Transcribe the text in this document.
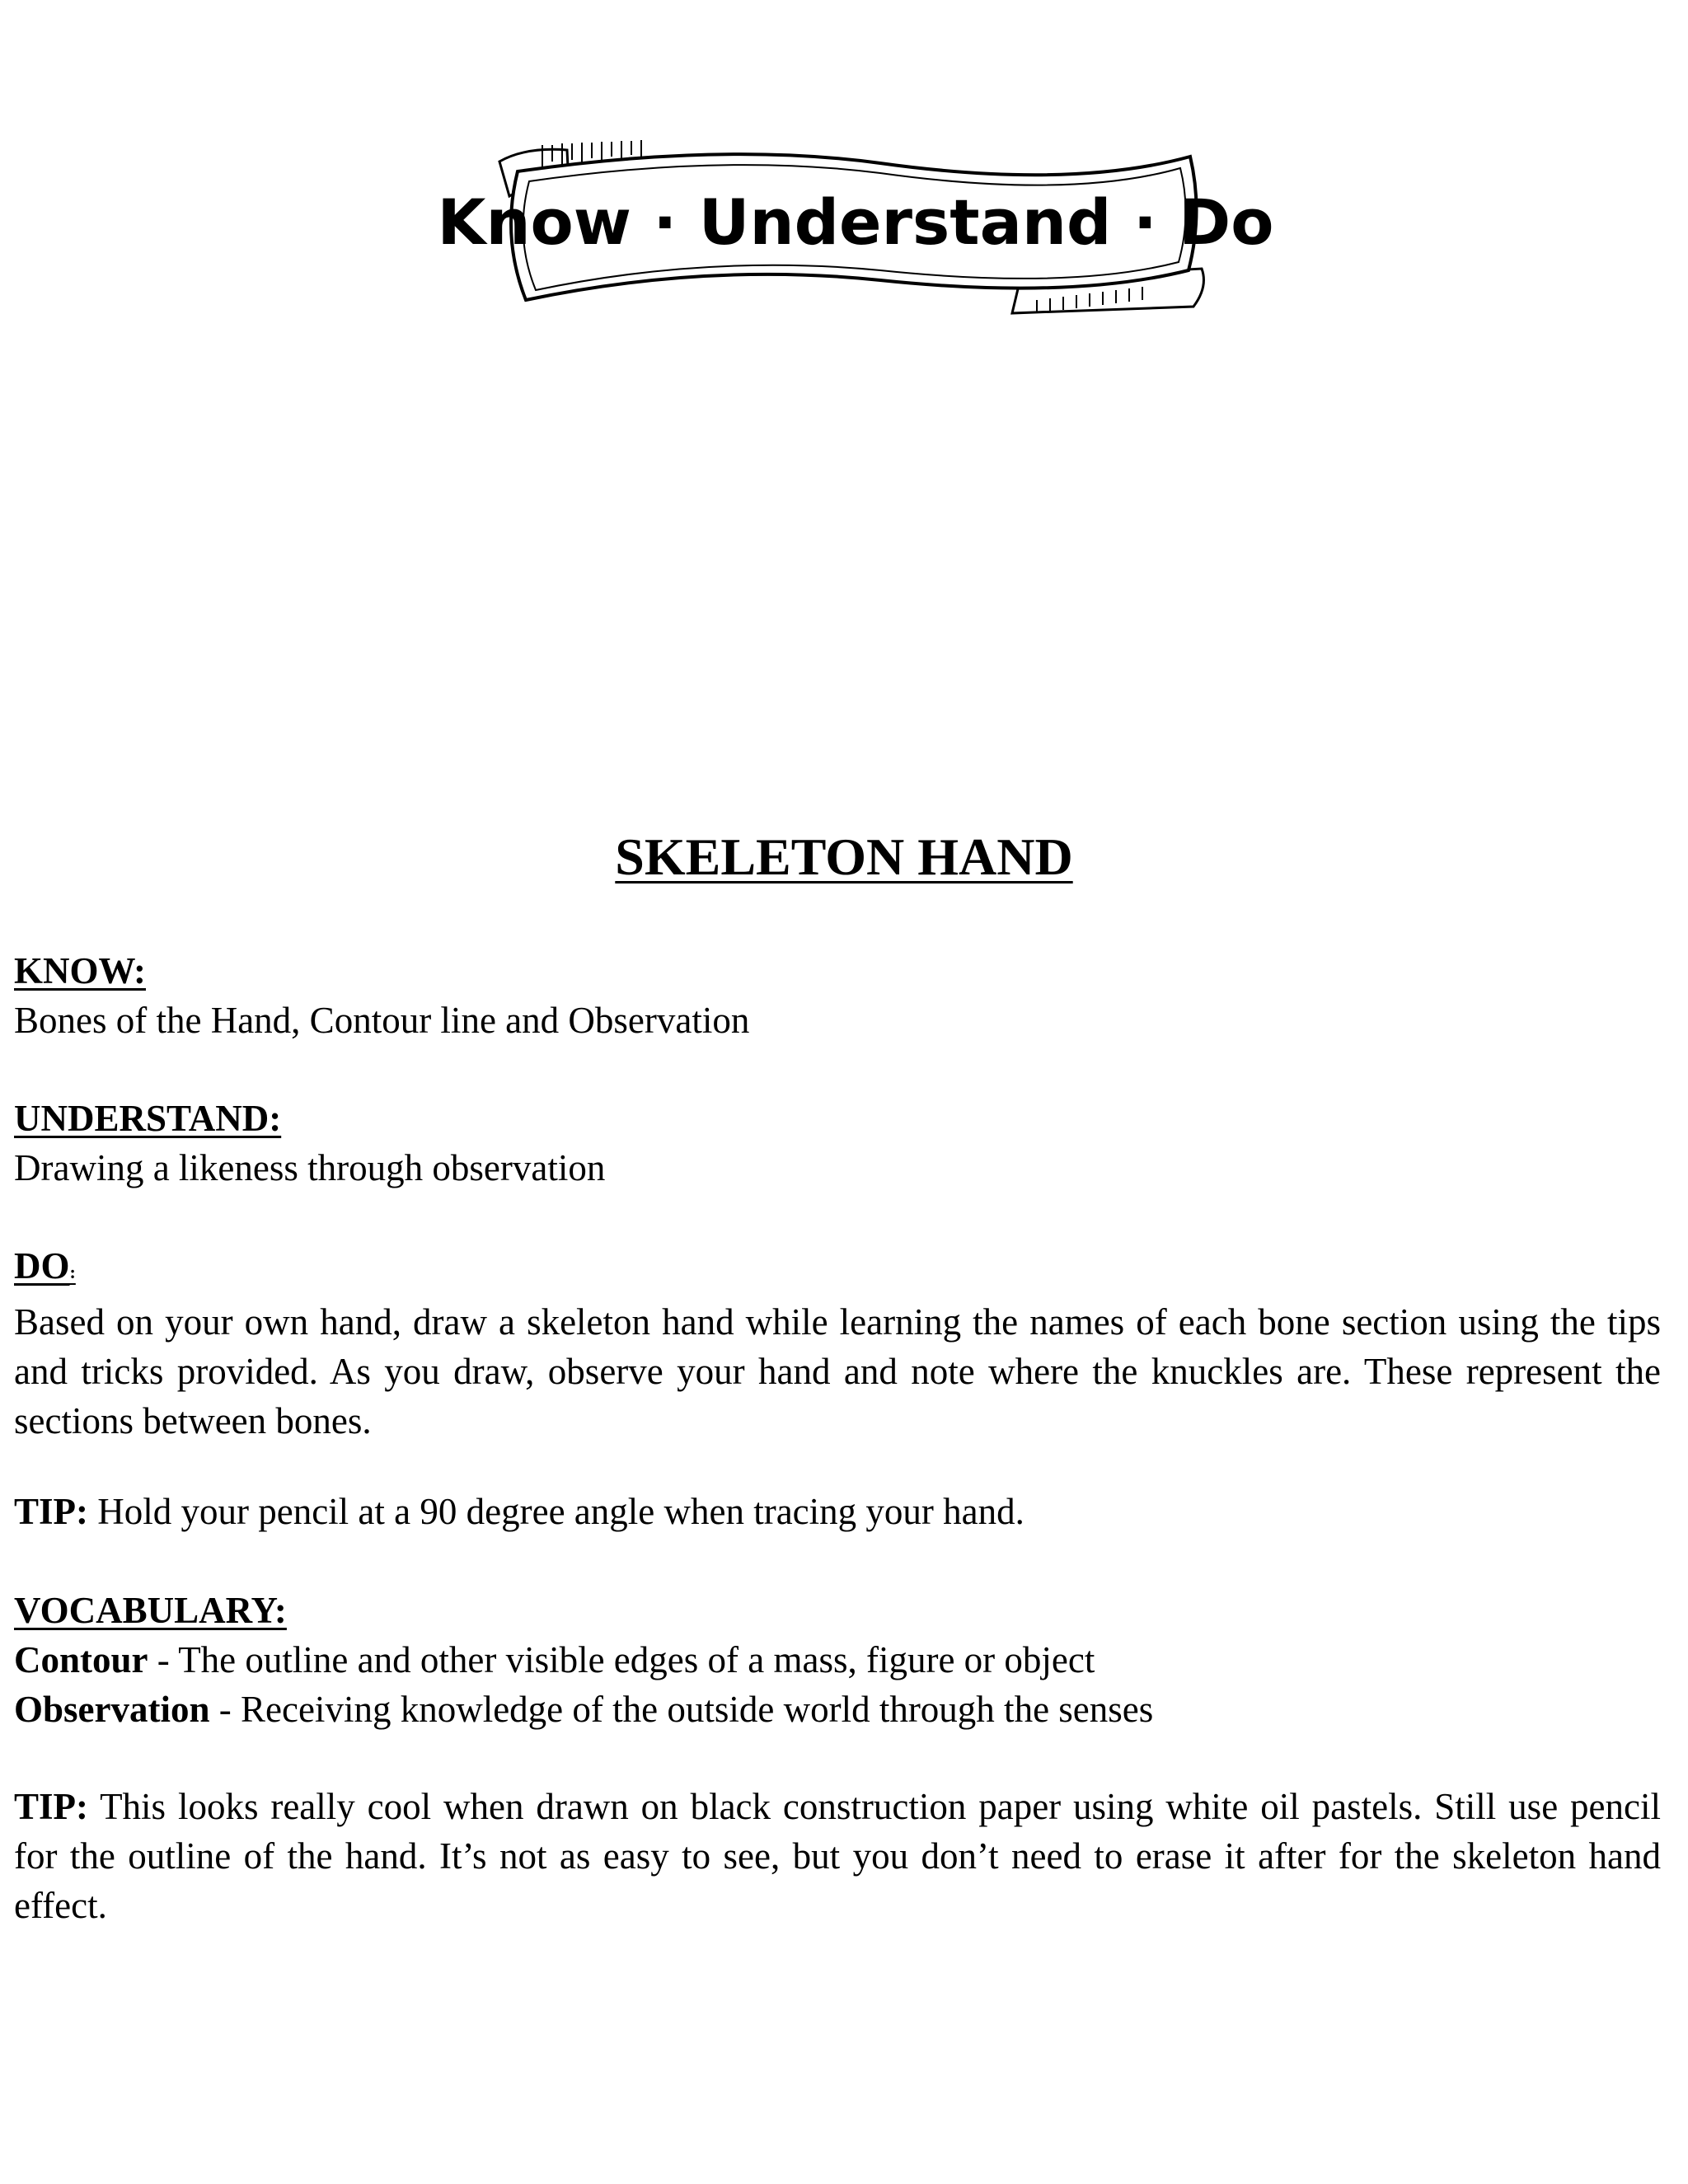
Know · Understand · Do
SKELETON HAND
KNOW:
Bones of the Hand, Contour line and Observation
UNDERSTAND:
Drawing a likeness through observation
DO:
Based on your own hand, draw a skeleton hand while learning the names of each bone section using the tips and tricks provided. As you draw, observe your hand and note where the knuckles are. These represent the sections between bones.
TIP: Hold your pencil at a 90 degree angle when tracing your hand.
VOCABULARY:
Contour - The outline and other visible edges of a mass, figure or object
Observation - Receiving knowledge of the outside world through the senses
TIP: This looks really cool when drawn on black construction paper using white oil pastels. Still use pencil for the outline of the hand. It’s not as easy to see, but you don’t need to erase it after for the skeleton hand effect.
